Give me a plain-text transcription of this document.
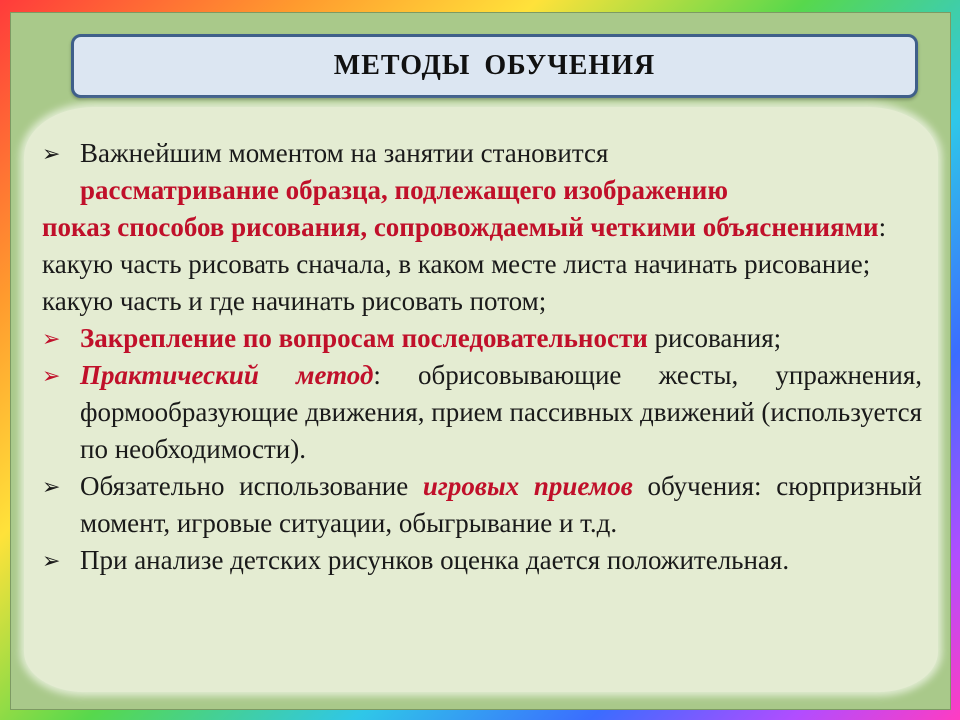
МЕТОДЫ ОБУЧЕНИЯ
➢ Важнейшим моментом на занятии становится
рассматривание образца, подлежащего изображению
показ способов рисования, сопровождаемый четкими объяснениями:
какую часть рисовать сначала, в каком месте листа начинать рисование;
какую часть и где начинать рисовать потом;
➢ Закрепление по вопросам последовательности рисования;
➢ Практический метод: обрисовывающие жесты, упражнения, формообразующие движения, прием пассивных движений (используется по необходимости).
➢ Обязательно использование игровых приемов обучения: сюрпризный момент, игровые ситуации, обыгрывание и т.д.
➢ При анализе детских рисунков оценка дается положительная.
